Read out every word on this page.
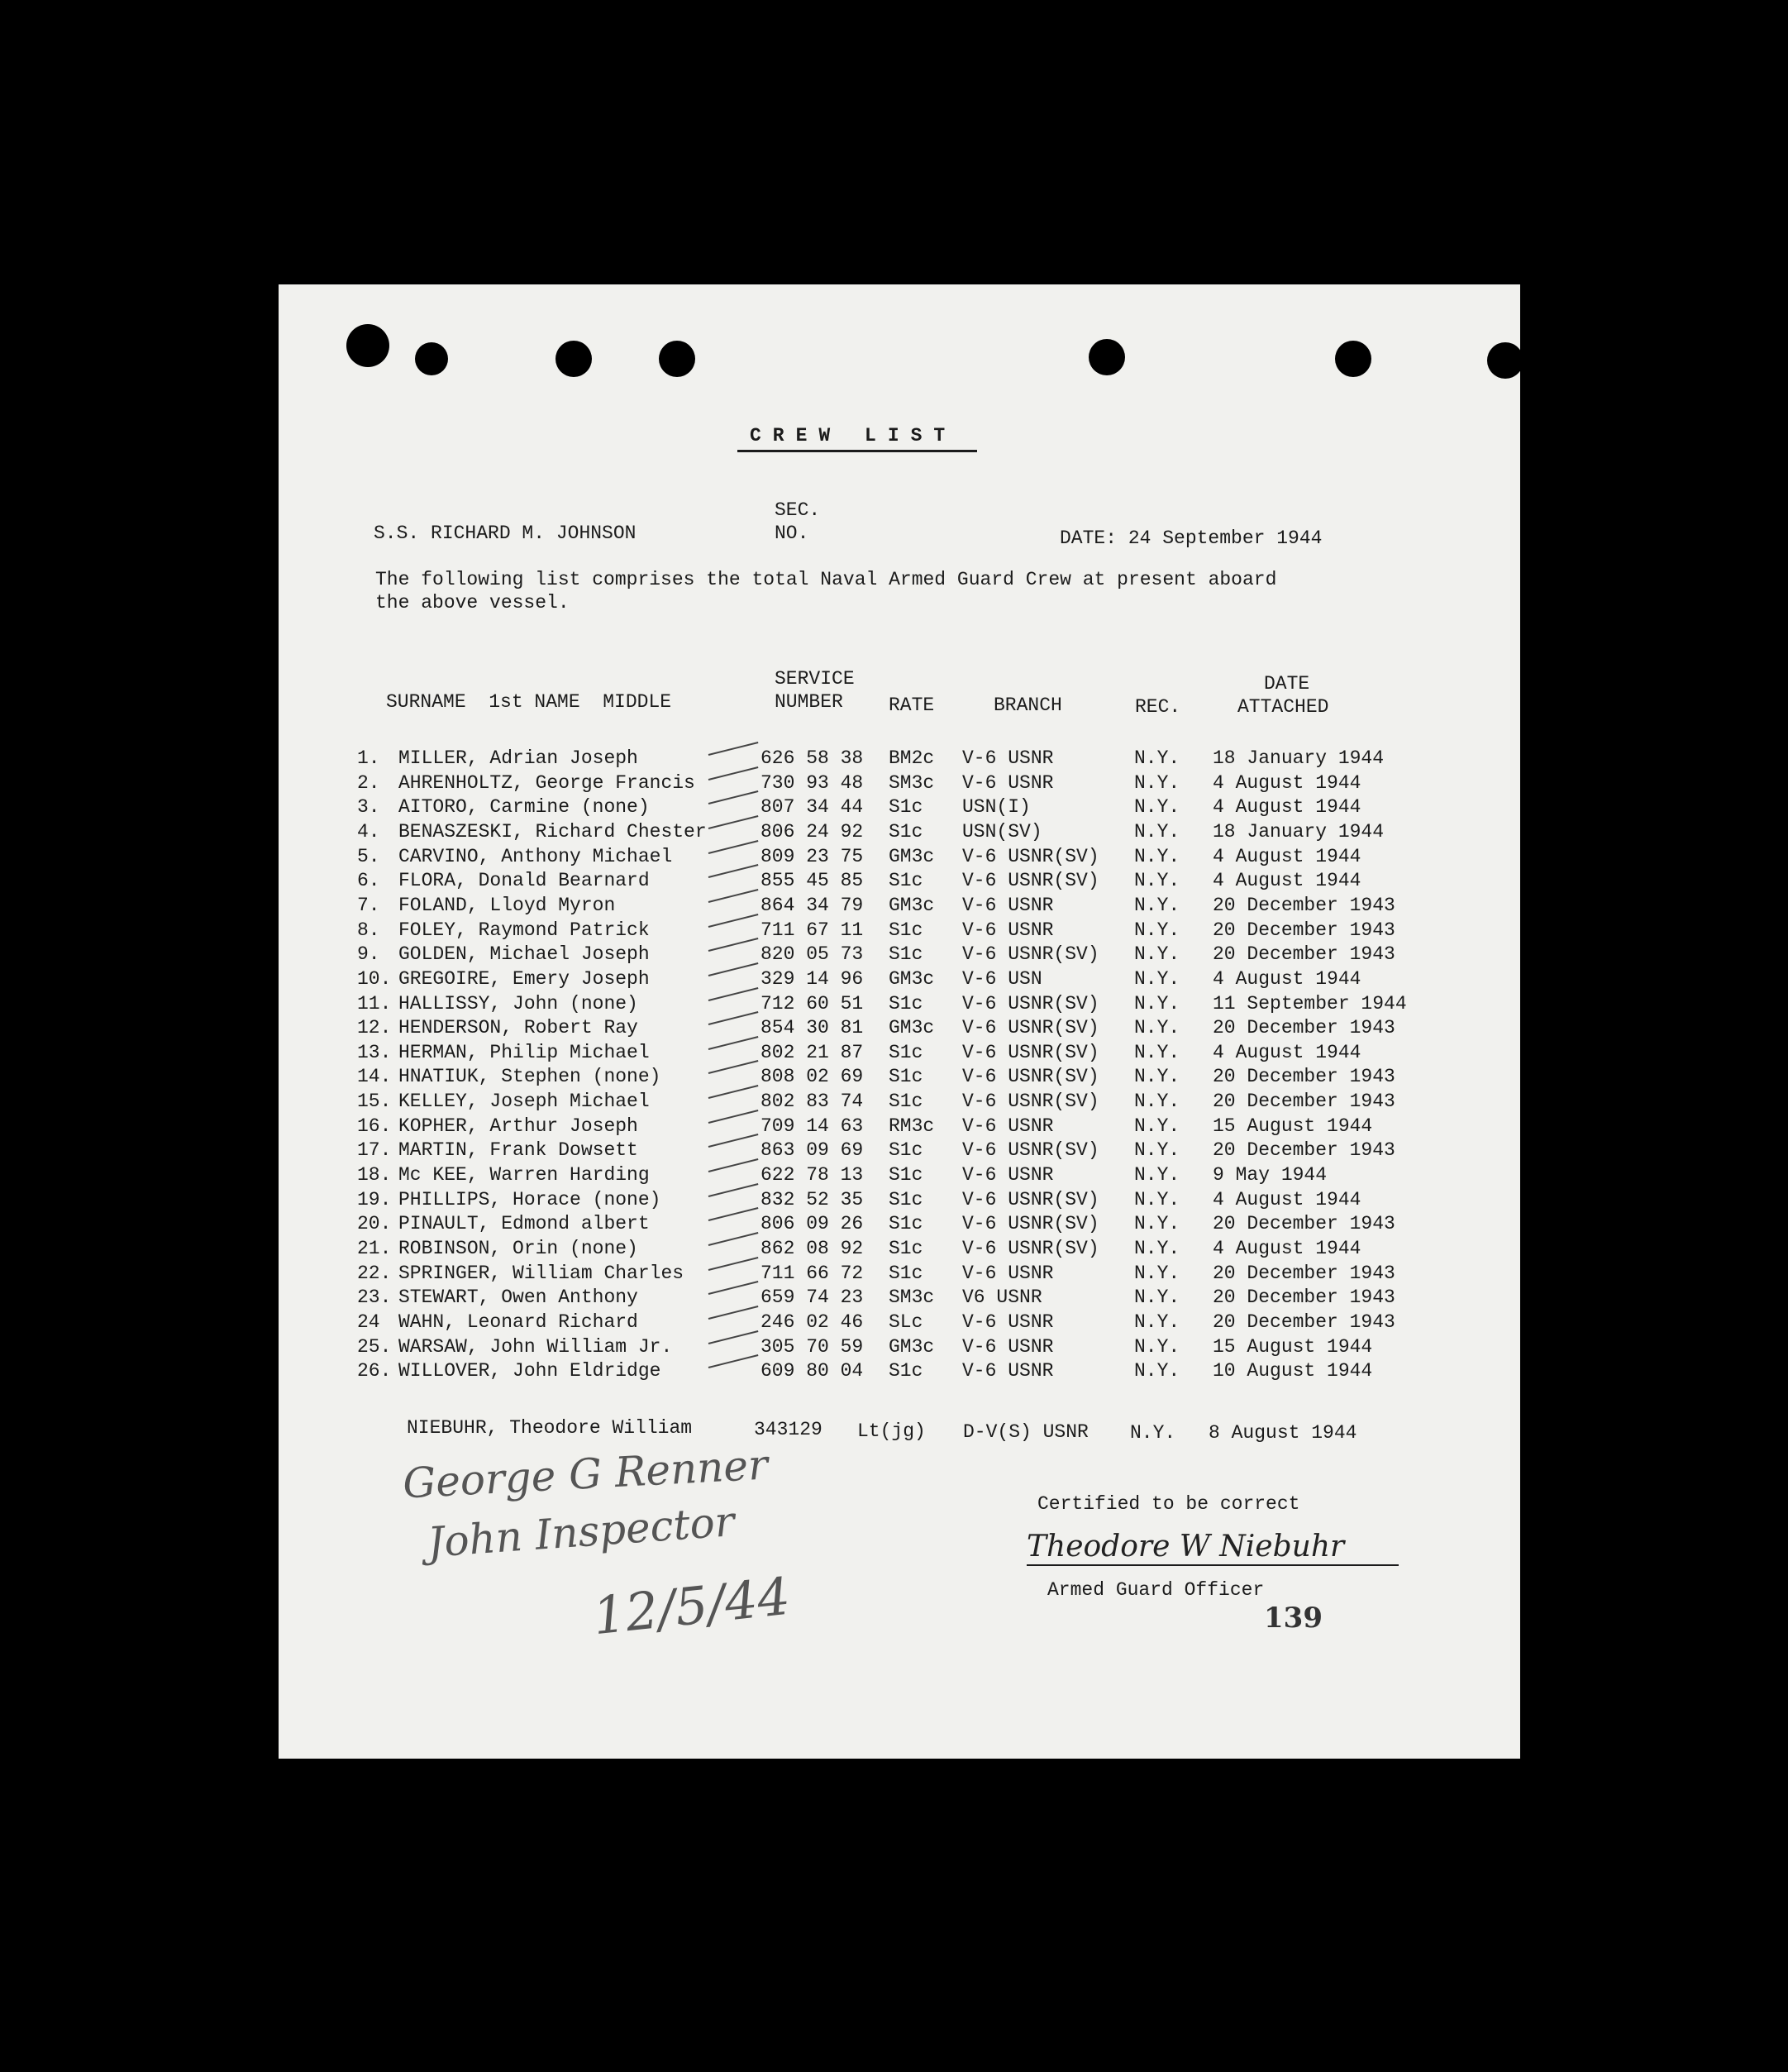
CREW LIST
S.S. RICHARD M. JOHNSON
SEC.
NO.	DATE: 24 September 1944
The following list comprises the total Naval Armed Guard Crew at present aboard
the above vessel.
SURNAME  1st NAME  MIDDLE
SERVICE
NUMBER RATE	BRANCH	REC.
DATE
ATTACHED
1. MILLER, Adrian Joseph	626 58 38 BM2c V-6 USNR	N.Y. 18 January 1944
2. AHRENHOLTZ, George Francis	730 93 48 SM3c V-6 USNR	N.Y. 4 August 1944
3. AITORO, Carmine (none)	807 34 44 S1c USN(I)	N.Y. 4 August 1944
4. BENASZESKI, Richard Chester	806 24 92 S1c USN(SV)	N.Y. 18 January 1944
5. CARVINO, Anthony Michael	809 23 75 GM3c V-6 USNR(SV) N.Y. 4 August 1944
6. FLORA, Donald Bearnard	855 45 85 S1c V-6 USNR(SV) N.Y. 4 August 1944
7. FOLAND, Lloyd Myron	864 34 79 GM3c V-6 USNR	N.Y. 20 December 1943
8. FOLEY, Raymond Patrick	711 67 11 S1c V-6 USNR	N.Y. 20 December 1943
9. GOLDEN, Michael Joseph	820 05 73 S1c V-6 USNR(SV) N.Y. 20 December 1943
10. GREGOIRE, Emery Joseph	329 14 96 GM3c V-6 USN	N.Y. 4 August 1944
11. HALLISSY, John (none)	712 60 51 S1c V-6 USNR(SV) N.Y. 11 September 1944
12. HENDERSON, Robert Ray	854 30 81 GM3c V-6 USNR(SV) N.Y. 20 December 1943
13. HERMAN, Philip Michael	802 21 87 S1c V-6 USNR(SV) N.Y. 4 August 1944
14. HNATIUK, Stephen (none)	808 02 69 S1c V-6 USNR(SV) N.Y. 20 December 1943
15. KELLEY, Joseph Michael	802 83 74 S1c V-6 USNR(SV) N.Y. 20 December 1943
16. KOPHER, Arthur Joseph	709 14 63 RM3c V-6 USNR	N.Y. 15 August 1944
17. MARTIN, Frank Dowsett	863 09 69 S1c V-6 USNR(SV) N.Y. 20 December 1943
18. Mc KEE, Warren Harding	622 78 13 S1c V-6 USNR	N.Y. 9 May 1944
19. PHILLIPS, Horace (none)	832 52 35 S1c V-6 USNR(SV) N.Y. 4 August 1944
20. PINAULT, Edmond albert	806 09 26 S1c V-6 USNR(SV) N.Y. 20 December 1943
21. ROBINSON, Orin (none)	862 08 92 S1c V-6 USNR(SV) N.Y. 4 August 1944
22. SPRINGER, William Charles	711 66 72 S1c V-6 USNR	N.Y. 20 December 1943
23. STEWART, Owen Anthony	659 74 23 SM3c V6 USNR	N.Y. 20 December 1943
24 WAHN, Leonard Richard	246 02 46 SLc V-6 USNR	N.Y. 20 December 1943
25. WARSAW, John William Jr.	305 70 59 GM3c V-6 USNR	N.Y. 15 August 1944
26. WILLOVER, John Eldridge	609 80 04 S1c V-6 USNR	N.Y. 10 August 1944
NIEBUHR, Theodore William	343129 Lt(jg) D-V(S) USNR N.Y. 8 August 1944
Certified to be correct
Theodore W Niebuhr
Armed Guard Officer
139
George G Renner
John Inspector
12/5/44
